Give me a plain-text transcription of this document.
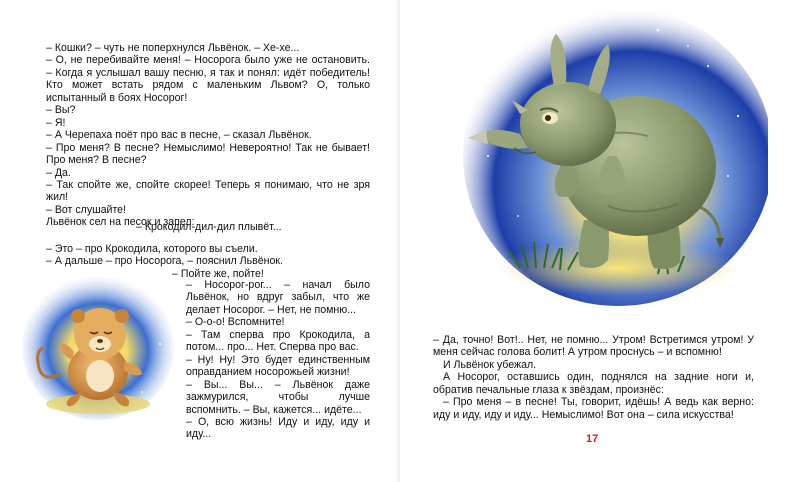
– Кошки? – чуть не поперхнулся Львёнок. – Хе-хе...

– О, не перебивайте меня! – Носорога было уже не остановить. – Когда я услышал вашу песню, я так и понял: идёт победитель! Кто может встать рядом с маленьким Львом? О, только испытанный в боях Носорог!

– Вы?

– Я!

– А Черепаха поёт про вас в песне, – сказал Львёнок.

– Про меня? В песне? Немыслимо! Невероятно! Так не бывает! Про меня? В песне?

– Да.

– Так спойте же, спойте скорее! Теперь я понимаю, что не зря жил!

– Вот слушайте!

Львёнок сел на песок и запел:

– Крокодил-дил-дил плывёт...

– Это – про Крокодила, которого вы съели.

– А дальше – про Носорога, – пояснил Львёнок.

– Пойте же, пойте!

– Носорог-рог... – начал было Львёнок, но вдруг забыл, что же делает Носорог. – Нет, не помню...

– О-о-о! Вспомните!

– Там сперва про Крокодила, а потом... про... Нет. Сперва про вас.

– Ну! Ну! Это будет единственным оправданием носорожьей жизни!

– Вы... Вы... – Львёнок даже зажмурился, чтобы лучше вспомнить. – Вы, кажется... идёте...

– О, всю жизнь! Иду и иду, иду и иду...

– Да, точно! Вот!.. Нет, не помню... Утром! Встретимся утром! У меня сейчас голова болит! А утром проснусь – и вспомню!

И Львёнок убежал.

А Носорог, оставшись один, поднялся на задние ноги и, обратив печальные глаза к звёздам, произнёс:

– Про меня – в песне! Ты, говорит, идёшь! А ведь как верно: иду и иду, иду и иду... Немыслимо! Вот она – сила искусства!

17
